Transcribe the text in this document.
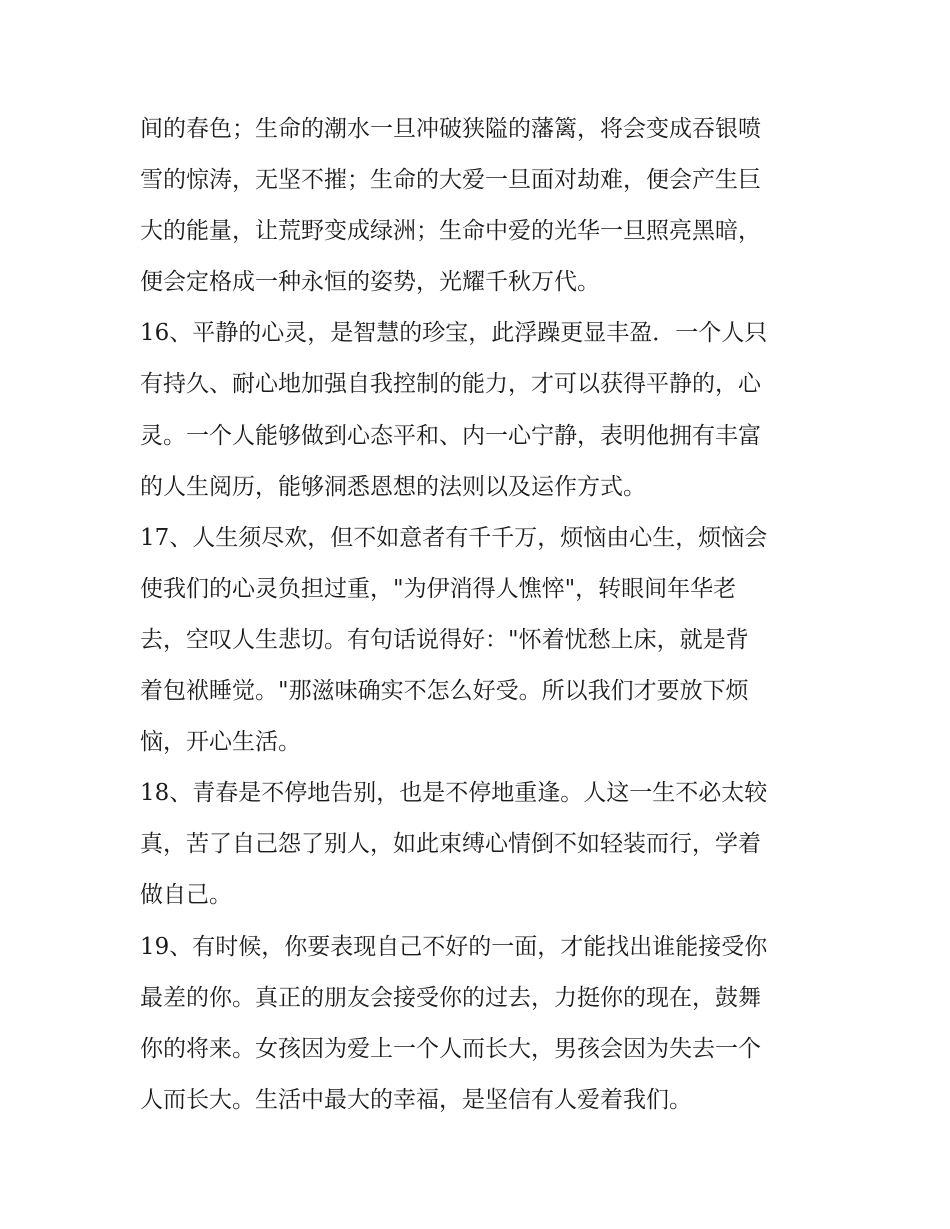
间的春色；生命的潮水一旦冲破狭隘的藩篱，将会变成吞银喷
雪的惊涛，无坚不摧；生命的大爱一旦面对劫难，便会产生巨
大的能量，让荒野变成绿洲；生命中爱的光华一旦照亮黑暗，
便会定格成一种永恒的姿势，光耀千秋万代。
16、平静的心灵，是智慧的珍宝，此浮躁更显丰盈．一个人只
有持久、耐心地加强自我控制的能力，才可以获得平静的，心
灵。一个人能够做到心态平和、内一心宁静，表明他拥有丰富
的人生阅历，能够洞悉恩想的法则以及运作方式。
17、人生须尽欢，但不如意者有千千万，烦恼由心生，烦恼会
使我们的心灵负担过重，"为伊消得人憔悴"，转眼间年华老
去，空叹人生悲切。有句话说得好："怀着忧愁上床，就是背
着包袱睡觉。"那滋味确实不怎么好受。所以我们才要放下烦
恼，开心生活。
18、青春是不停地告别，也是不停地重逢。人这一生不必太较
真，苦了自己怨了别人，如此束缚心情倒不如轻装而行，学着
做自己。
19、有时候，你要表现自己不好的一面，才能找出谁能接受你
最差的你。真正的朋友会接受你的过去，力挺你的现在，鼓舞
你的将来。女孩因为爱上一个人而长大，男孩会因为失去一个
人而长大。生活中最大的幸福，是坚信有人爱着我们。
